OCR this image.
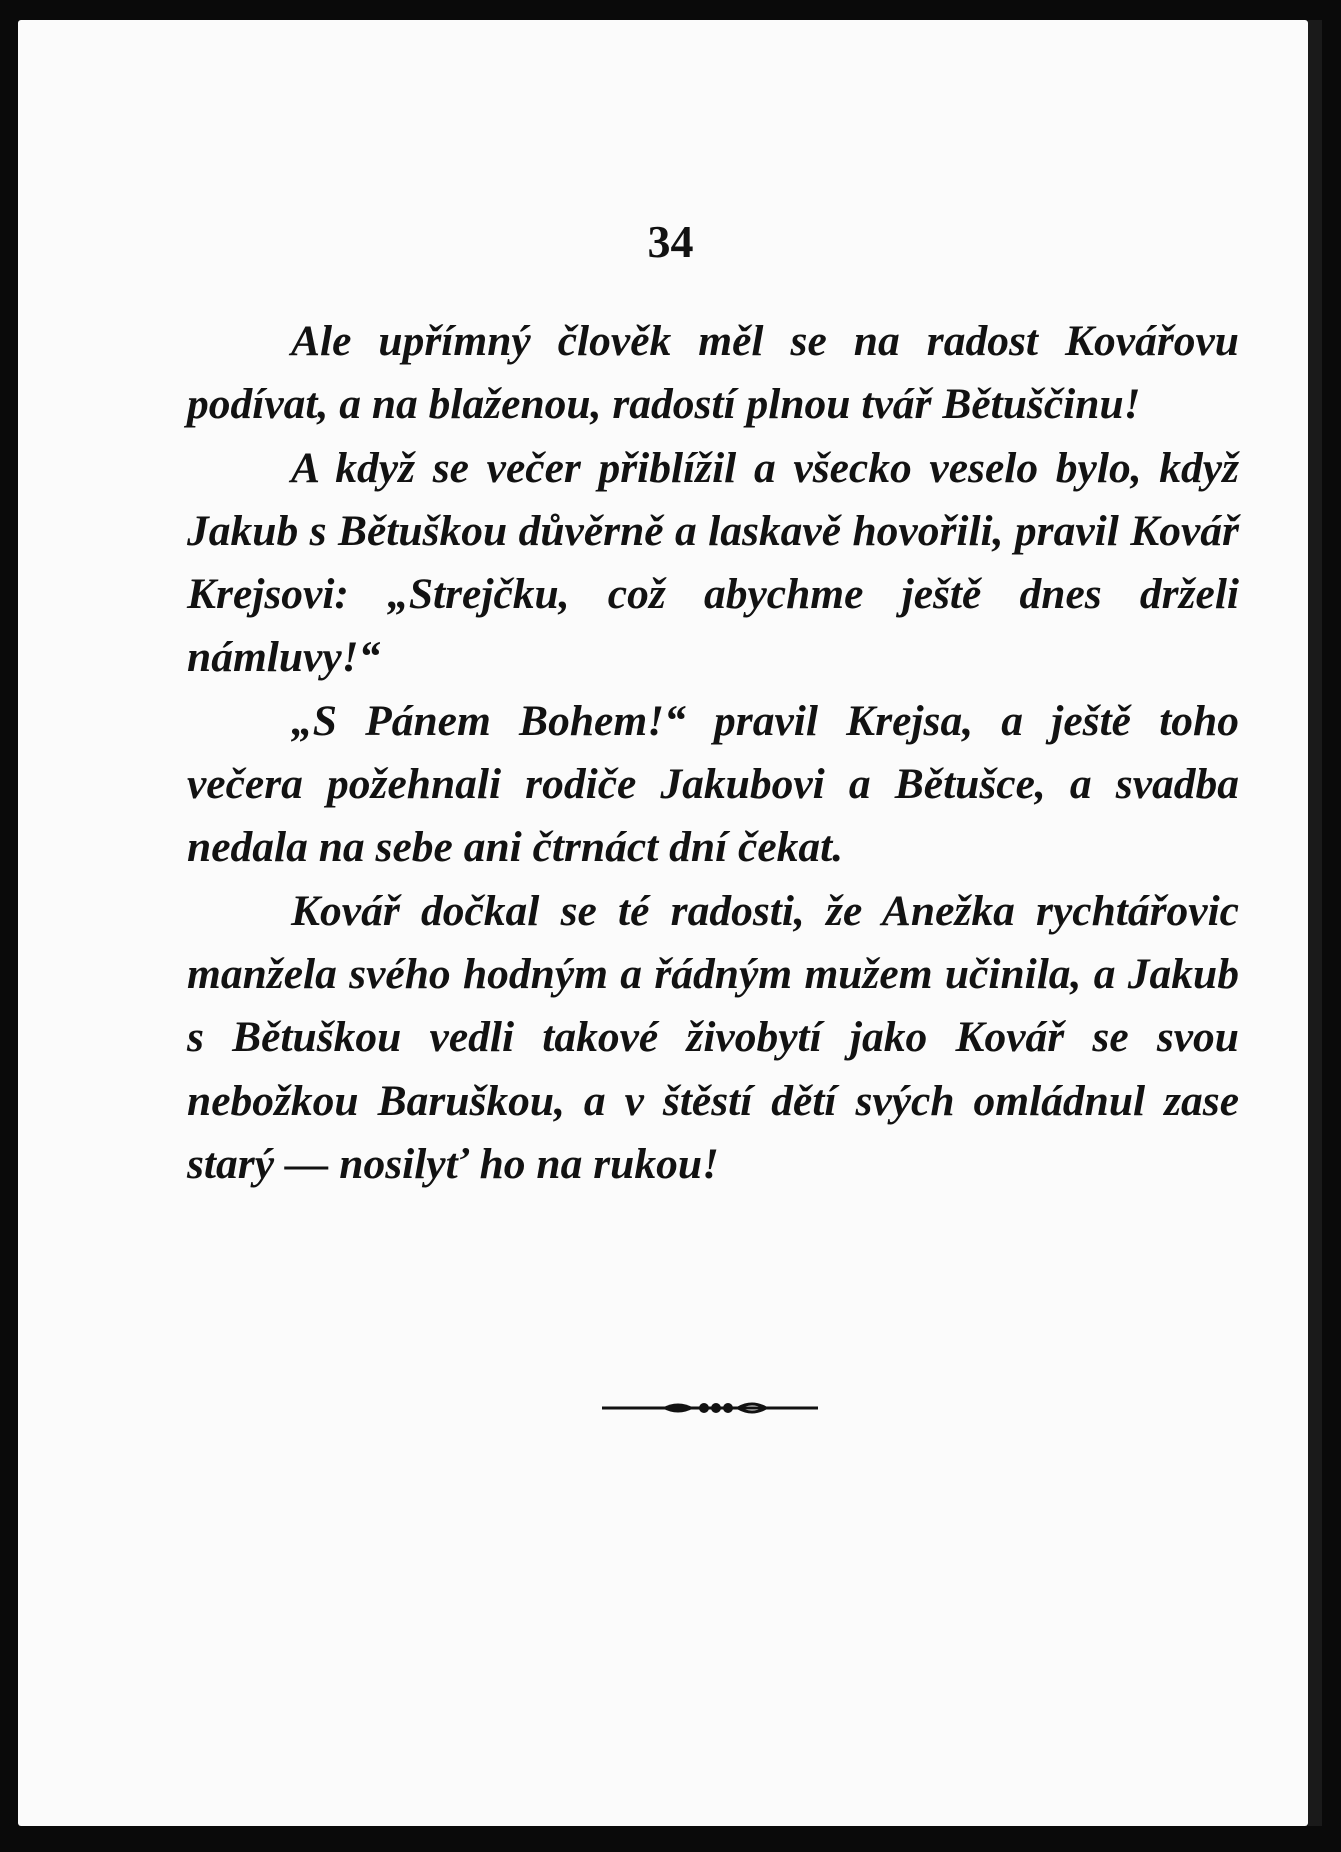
34

Ale upřímný člověk měl se na radost Kovářovu podívat, a na blaženou, radostí plnou tvář Bětuščinu!

A když se večer přiblížil a všecko veselo bylo, když Jakub s Bětuškou důvěrně a laskavě hovořili, pravil Kovář Krejsovi: „Strejčku, což abychme ještě dnes drželi námluvy!“

„S Pánem Bohem!“ pravil Krejsa, a ještě toho večera požehnali rodiče Jakubovi a Bětušce, a svadba nedala na sebe ani čtrnáct dní čekat.

Kovář dočkal se té radosti, že Anežka rychtářovic manžela svého hodným a řádným mužem učinila, a Jakub s Bětuškou vedli takové živobytí jako Kovář se svou nebožkou Baruškou, a v štěstí dětí svých omládnul zase starý — nosilyť ho na rukou!
